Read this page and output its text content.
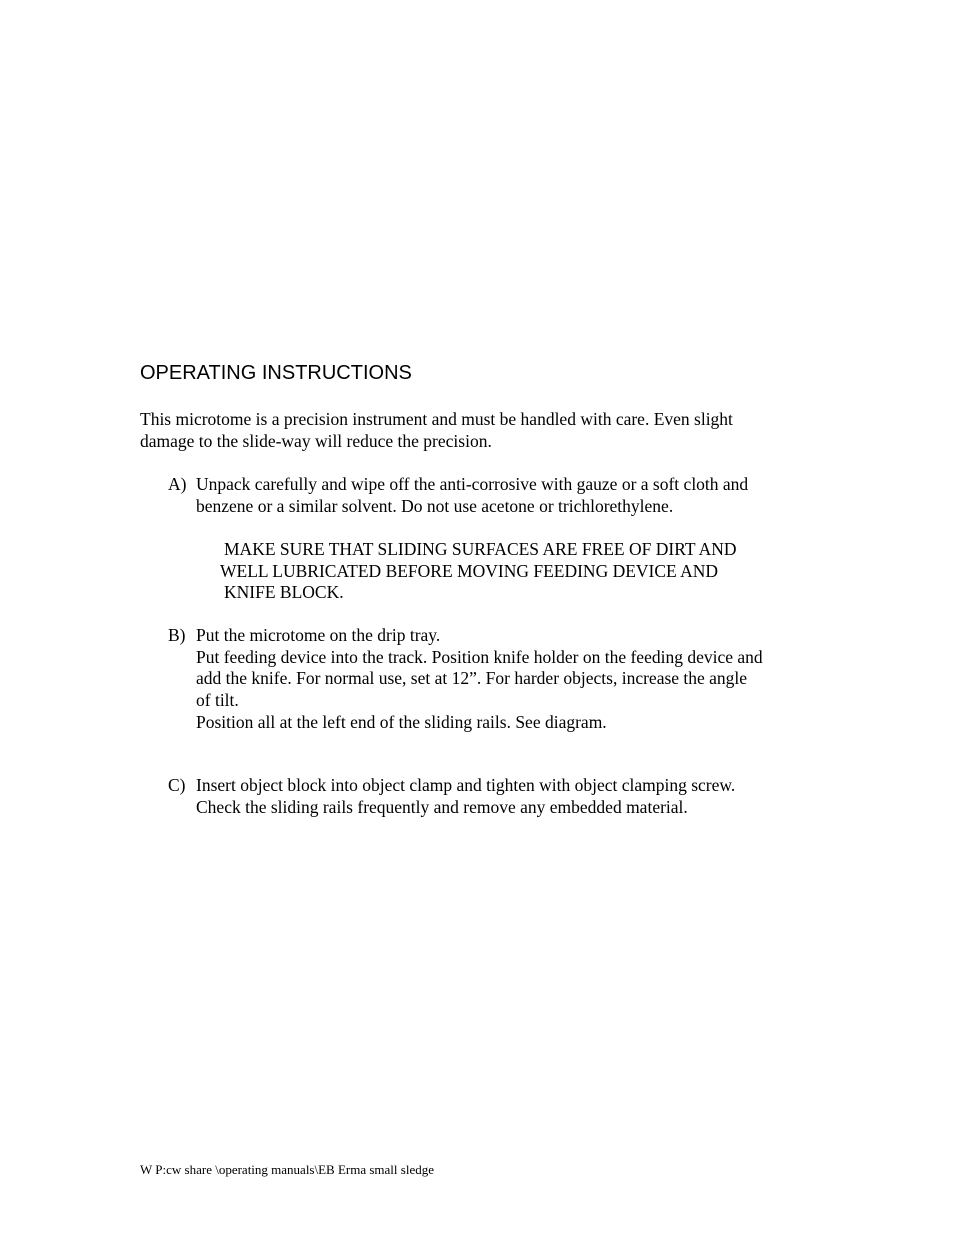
OPERATING INSTRUCTIONS
This microtome is a precision instrument and must be handled with care. Even slight
damage to the slide-way will reduce the precision.
A) Unpack carefully and wipe off the anti-corrosive with gauze or a soft cloth and
benzene or a similar solvent. Do not use acetone or trichlorethylene.
MAKE SURE THAT SLIDING SURFACES ARE FREE OF DIRT AND
WELL LUBRICATED BEFORE MOVING FEEDING DEVICE AND
KNIFE BLOCK.
B) Put the microtome on the drip tray.
Put feeding device into the track. Position knife holder on the feeding device and
add the knife. For normal use, set at 12”. For harder objects, increase the angle
of tilt.
Position all at the left end of the sliding rails. See diagram.
C) Insert object block into object clamp and tighten with object clamping screw.
Check the sliding rails frequently and remove any embedded material.
W P:cw share \operating manuals\EB Erma small sledge
